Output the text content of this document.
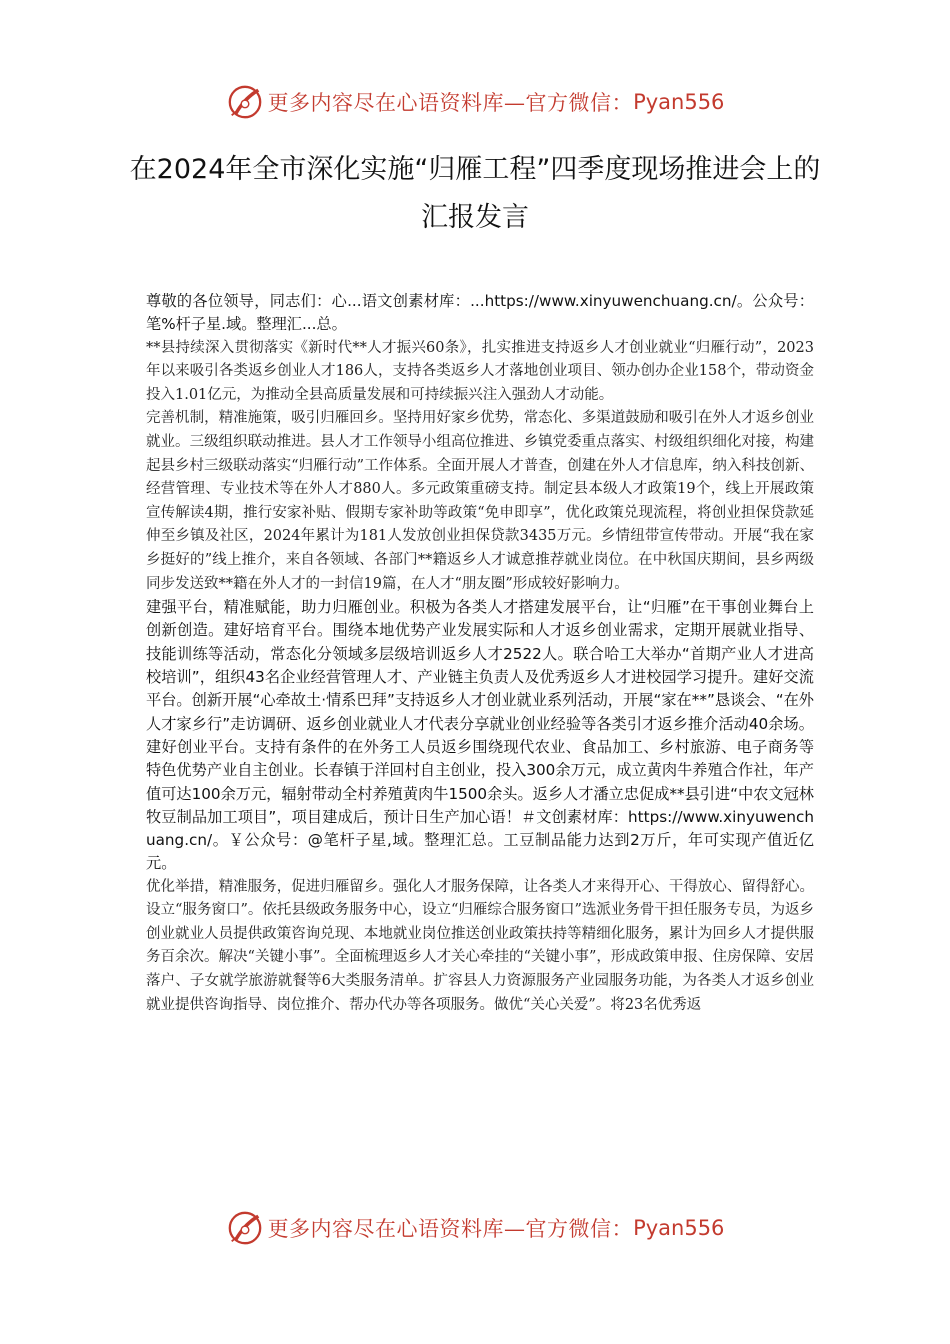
更多内容尽在心语资料库—官方微信： Pyan556
在2024年全市深化实施“归雁工程”四季度现场推进会上的汇报发言

尊敬的各位领导，同志们：心...语文创素材库：...https://www.xinyuwenchuang.cn/。公众号：笔%杆子星.域。整理汇...总。

**县持续深入贯彻落实《新时代**人才振兴60条》，扎实推进支持返乡人才创业就业“归雁行动”，2023年以来吸引各类返乡创业人才186人，支持各类返乡人才落地创业项目、领办创办企业158个，带动资金投入1.01亿元，为推动全县高质量发展和可持续振兴注入强劲人才动能。

完善机制，精准施策，吸引归雁回乡。坚持用好家乡优势，常态化、多渠道鼓励和吸引在外人才返乡创业就业。三级组织联动推进。县人才工作领导小组高位推进、乡镇党委重点落实、村级组织细化对接，构建起县乡村三级联动落实“归雁行动”工作体系。全面开展人才普查，创建在外人才信息库，纳入科技创新、经营管理、专业技术等在外人才880人。多元政策重磅支持。制定县本级人才政策19个，线上开展政策宣传解读4期，推行安家补贴、假期专家补助等政策“免申即享”，优化政策兑现流程，将创业担保贷款延伸至乡镇及社区，2024年累计为181人发放创业担保贷款3435万元。乡情纽带宣传带动。开展“我在家乡挺好的”线上推介，来自各领域、各部门**籍返乡人才诚意推荐就业岗位。在中秋国庆期间，县乡两级同步发送致**籍在外人才的一封信19篇，在人才“朋友圈”形成较好影响力。

建强平台，精准赋能，助力归雁创业。积极为各类人才搭建发展平台，让“归雁”在干事创业舞台上创新创造。建好培育平台。围绕本地优势产业发展实际和人才返乡创业需求，定期开展就业指导、技能训练等活动，常态化分领域多层级培训返乡人才2522人。联合哈工大举办“首期产业人才进高校培训”，组织43名企业经营管理人才、产业链主负责人及优秀返乡人才进校园学习提升。建好交流平台。创新开展“心牵故土·情系巴拜”支持返乡人才创业就业系列活动，开展“家在**”恳谈会、“在外人才家乡行”走访调研、返乡创业就业人才代表分享就业创业经验等各类引才返乡推介活动40余场。建好创业平台。支持有条件的在外务工人员返乡围绕现代农业、食品加工、乡村旅游、电子商务等特色优势产业自主创业。长春镇于洋回村自主创业，投入300余万元，成立黄肉牛养殖合作社，年产值可达100余万元，辐射带动全村养殖黄肉牛1500余头。返乡人才潘立忠促成**县引进“中农文冠林牧豆制品加工项目”，项目建成后，预计日生产加心语！＃文创素材库：https://www.xinyuwenchuang.cn/。￥公众号：@笔杆子星,域。整理汇总。工豆制品能力达到2万斤，年可实现产值近亿元。

优化举措，精准服务，促进归雁留乡。强化人才服务保障，让各类人才来得开心、干得放心、留得舒心。设立“服务窗口”。依托县级政务服务中心，设立“归雁综合服务窗口”选派业务骨干担任服务专员，为返乡创业就业人员提供政策咨询兑现、本地就业岗位推送创业政策扶持等精细化服务，累计为回乡人才提供服务百余次。解决“关键小事”。全面梳理返乡人才关心牵挂的“关键小事”，形成政策申报、住房保障、安居落户、子女就学旅游就餐等6大类服务清单。扩容县人力资源服务产业园服务功能，为各类人才返乡创业就业提供咨询指导、岗位推介、帮办代办等各项服务。做优“关心关爱”。将23名优秀返

更多内容尽在心语资料库—官方微信： Pyan556
